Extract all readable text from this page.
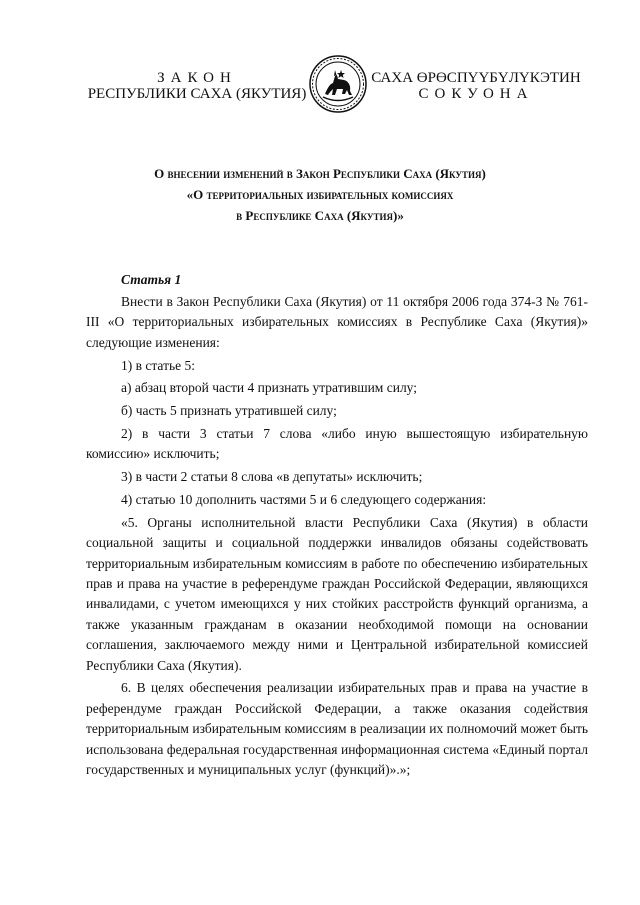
ЗАКОН
РЕСПУБЛИКИ САХА (ЯКУТИЯ)
САХА ӨРӨСПҮҮБҮЛҮКЭТИН
СОКУОНА
О внесении изменений в Закон Республики Саха (Якутия)
«О территориальных избирательных комиссиях
в Республике Саха (Якутия)»
Статья 1

Внести в Закон Республики Саха (Якутия) от 11 октября 2006 года 374-З № 761-III «О территориальных избирательных комиссиях в Республике Саха (Якутия)» следующие изменения:

1) в статье 5:

а) абзац второй части 4 признать утратившим силу;

б) часть 5 признать утратившей силу;

2) в части 3 статьи 7 слова «либо иную вышестоящую избирательную комиссию» исключить;

3) в части 2 статьи 8 слова «в депутаты» исключить;

4) статью 10 дополнить частями 5 и 6 следующего содержания:

«5. Органы исполнительной власти Республики Саха (Якутия) в области социальной защиты и социальной поддержки инвалидов обязаны содействовать территориальным избирательным комиссиям в работе по обеспечению избирательных прав и права на участие в референдуме граждан Российской Федерации, являющихся инвалидами, с учетом имеющихся у них стойких расстройств функций организма, а также указанным гражданам в оказании необходимой помощи на основании соглашения, заключаемого между ними и Центральной избирательной комиссией Республики Саха (Якутия).

6. В целях обеспечения реализации избирательных прав и права на участие в референдуме граждан Российской Федерации, а также оказания содействия территориальным избирательным комиссиям в реализации их полномочий может быть использована федеральная государственная информационная система «Единый портал государственных и муниципальных услуг (функций)».»;
